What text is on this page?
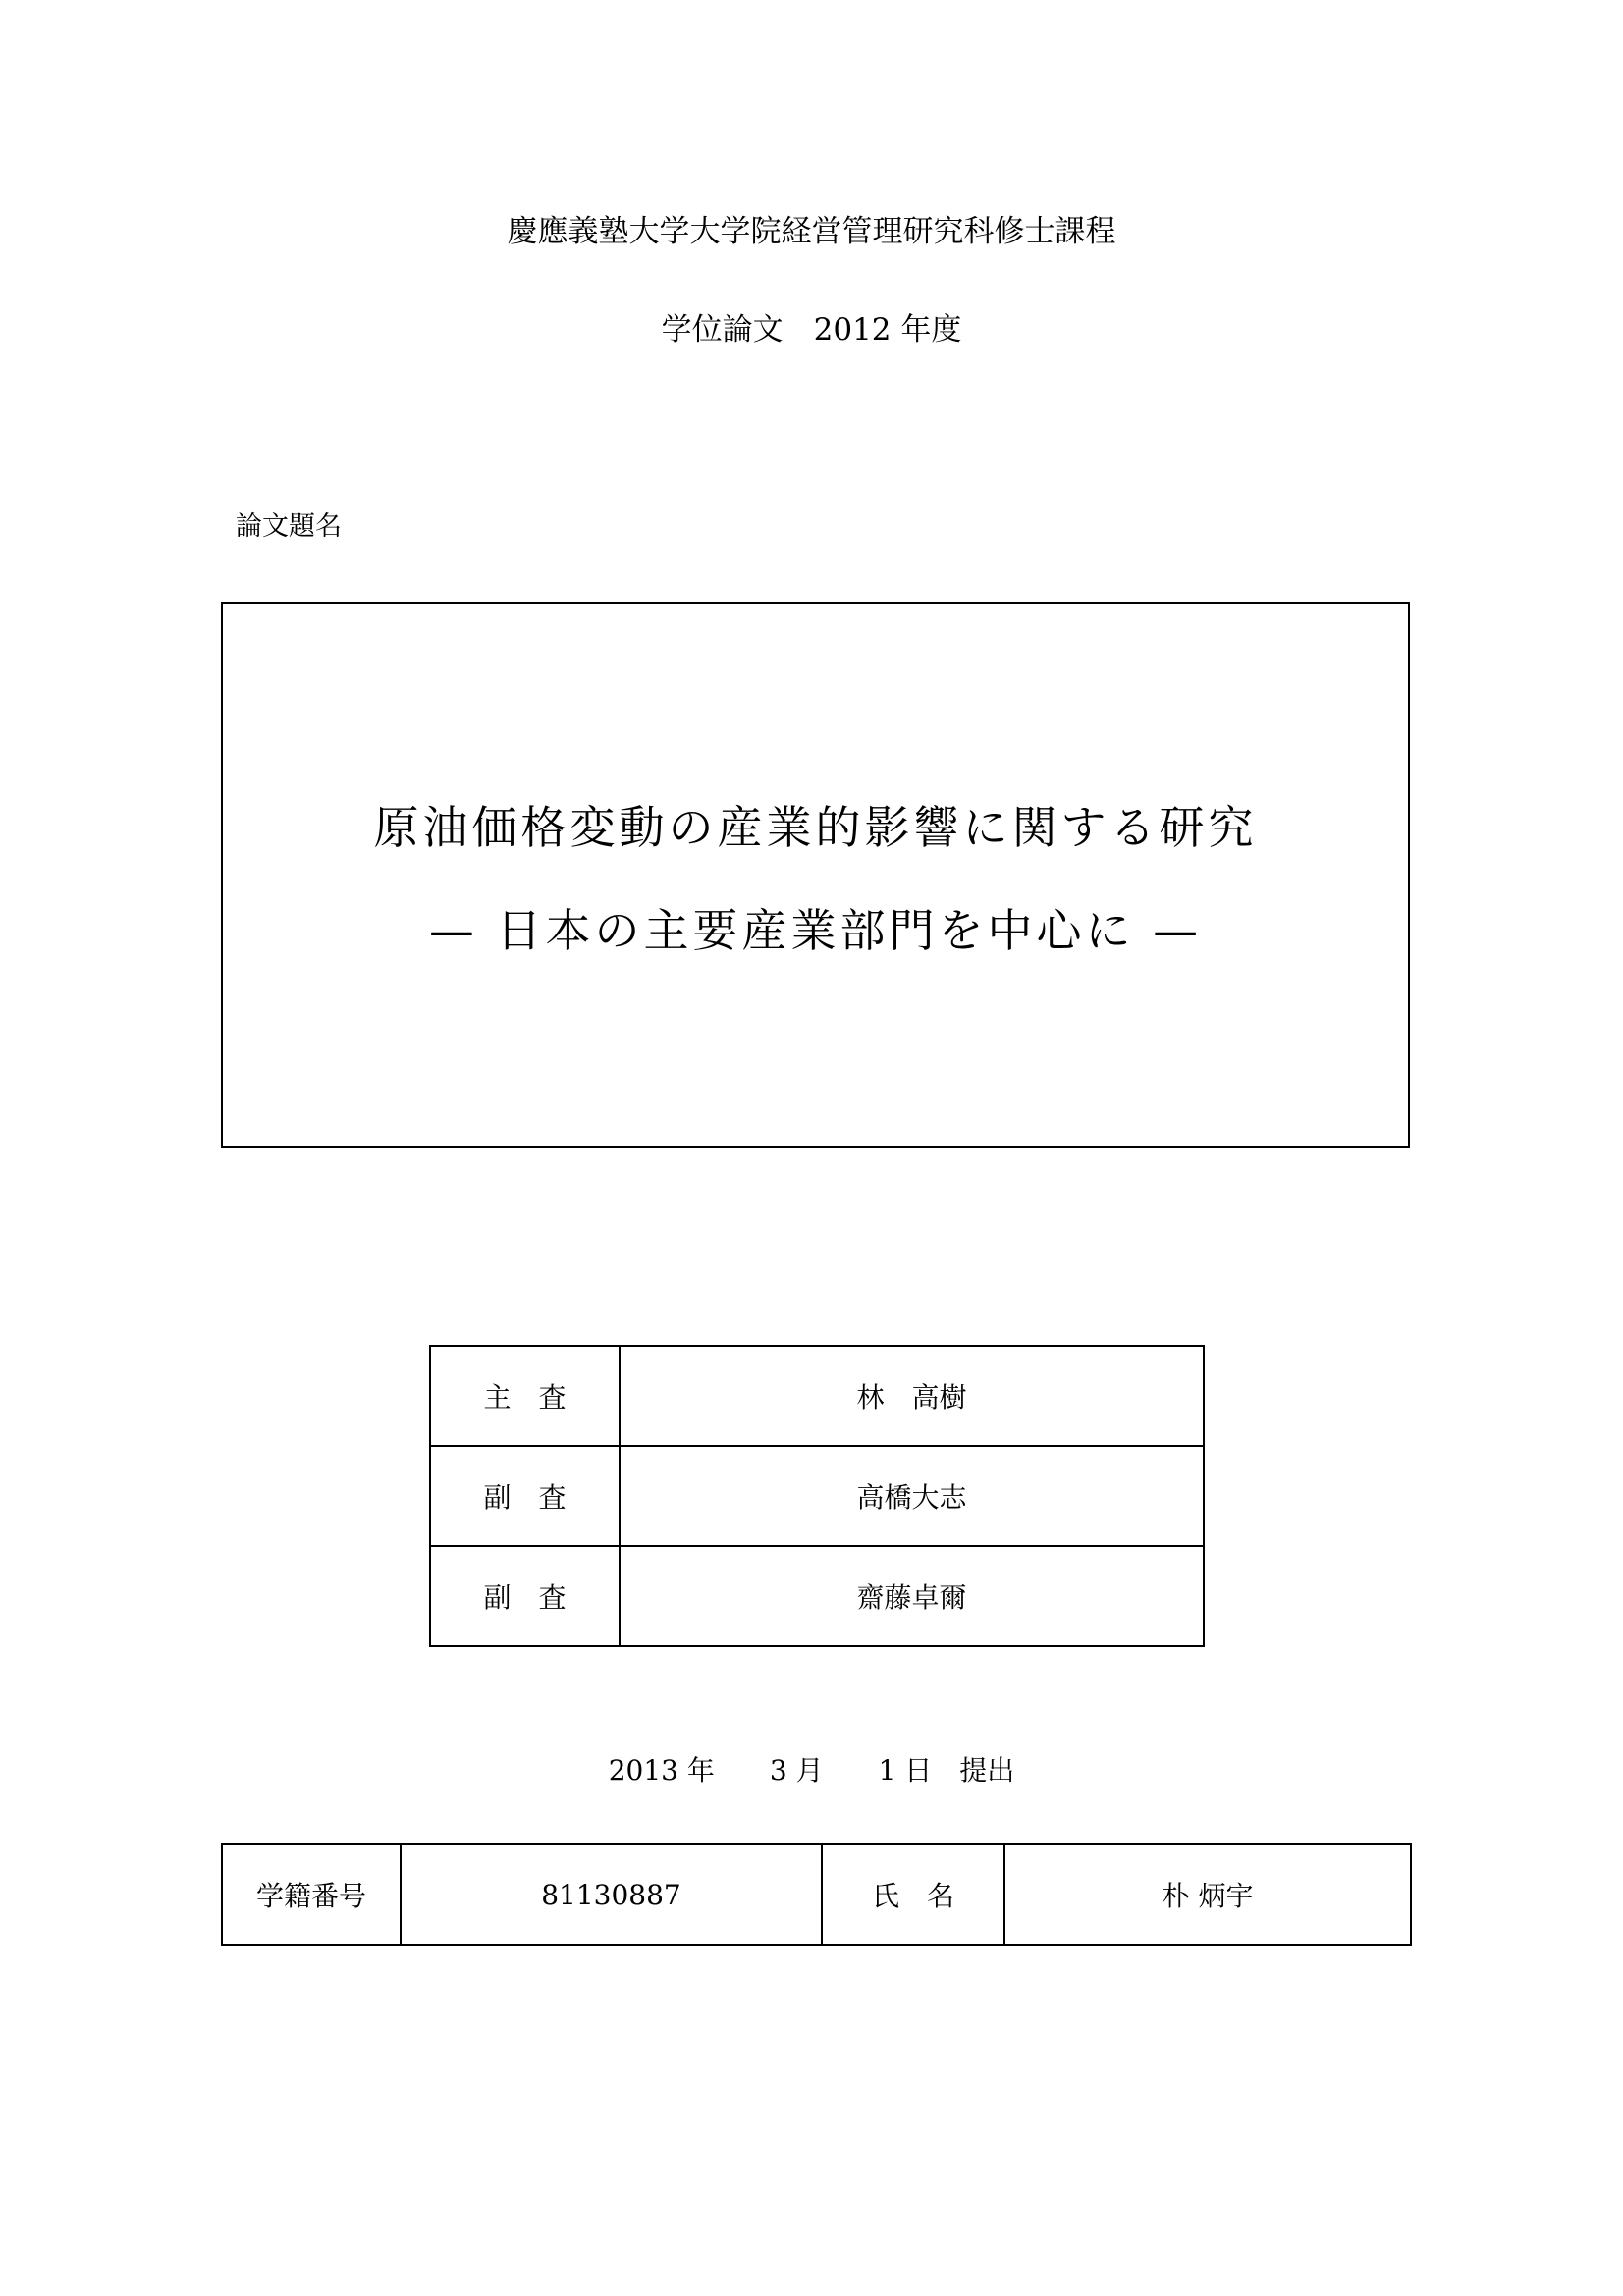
慶應義塾大学大学院経営管理研究科修士課程
学位論文　2012 年度
論文題名
原油価格変動の産業的影響に関する研究
— 日本の主要産業部門を中心に —
主　査	林　高樹
副　査	高橋大志
副　査	齋藤卓爾
2013 年　　3 月　　1 日　提出
学籍番号	81130887	氏　名	朴 炳宇
